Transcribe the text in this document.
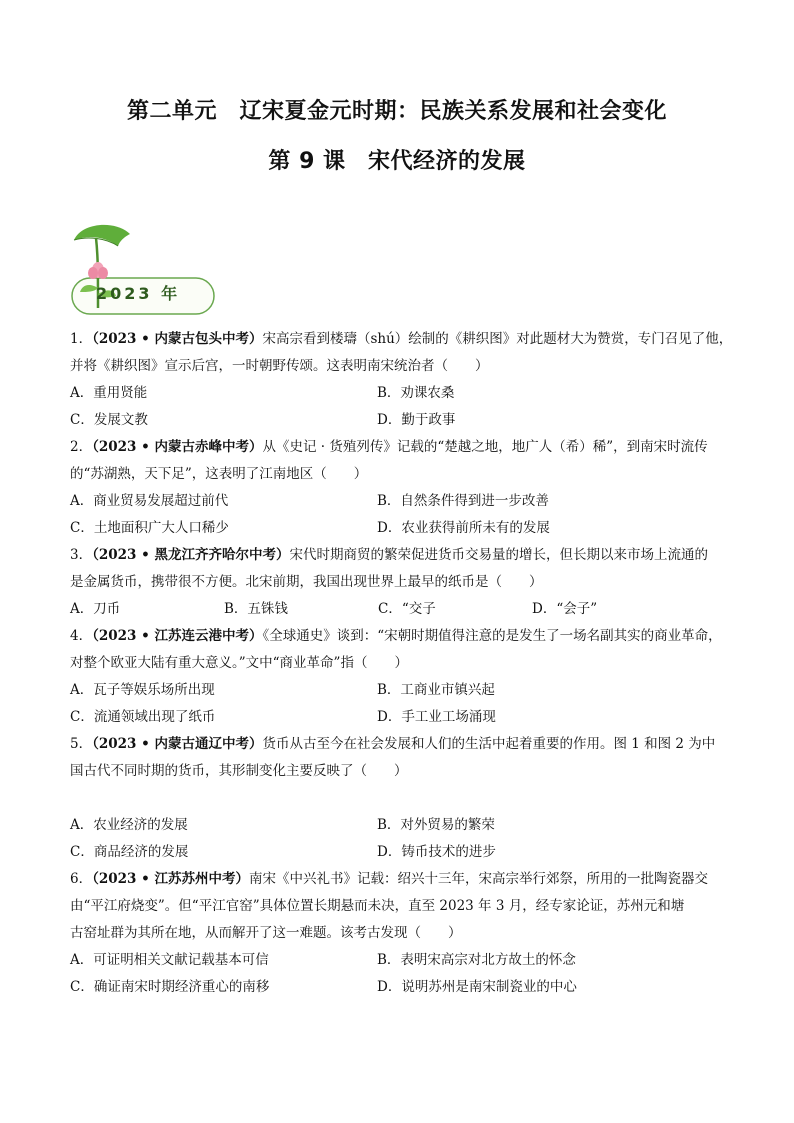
第二单元　辽宋夏金元时期：民族关系发展和社会变化
第 9 课　宋代经济的发展
2023 年
1．（2023 • 内蒙古包头中考）宋高宗看到楼璹（shú）绘制的《耕织图》对此题材大为赞赏，专门召见了他，
并将《耕织图》宣示后宫，一时朝野传颂。这表明南宋统治者（　　）
A．重用贤能	B．劝课农桑
C．发展文教	D．勤于政事
2．（2023 • 内蒙古赤峰中考）从《史记 · 货殖列传》记载的“楚越之地，地广人（希）稀”，到南宋时流传
的“苏湖熟，天下足”，这表明了江南地区（　　）
A．商业贸易发展超过前代	B．自然条件得到进一步改善
C．土地面积广大人口稀少	D．农业获得前所未有的发展
3．（2023 • 黑龙江齐齐哈尔中考）宋代时期商贸的繁荣促进货币交易量的增长，但长期以来市场上流通的
是金属货币，携带很不方便。北宋前期，我国出现世界上最早的纸币是（　　）
A．刀币	B．五铢钱	C．“交子	D．“会子”
4．（2023 • 江苏连云港中考）《全球通史》谈到：“宋朝时期值得注意的是发生了一场名副其实的商业革命，
对整个欧亚大陆有重大意义。”文中“商业革命”指（　　）
A．瓦子等娱乐场所出现	B．工商业市镇兴起
C．流通领域出现了纸币	D．手工业工场涌现
5．（2023 • 内蒙古通辽中考）货币从古至今在社会发展和人们的生活中起着重要的作用。图 1 和图 2 为中
国古代不同时期的货币，其形制变化主要反映了（　　）
A．农业经济的发展	B．对外贸易的繁荣
C．商品经济的发展	D．铸币技术的进步
6．（2023 • 江苏苏州中考）南宋《中兴礼书》记载：绍兴十三年，宋高宗举行郊祭，所用的一批陶瓷器交
由“平江府烧变”。但“平江官窑”具体位置长期悬而未决，直至 2023 年 3 月，经专家论证，苏州元和塘
古窑址群为其所在地，从而解开了这一难题。该考古发现（　　）
A．可证明相关文献记载基本可信	B．表明宋高宗对北方故土的怀念
C．确证南宋时期经济重心的南移	D．说明苏州是南宋制瓷业的中心
